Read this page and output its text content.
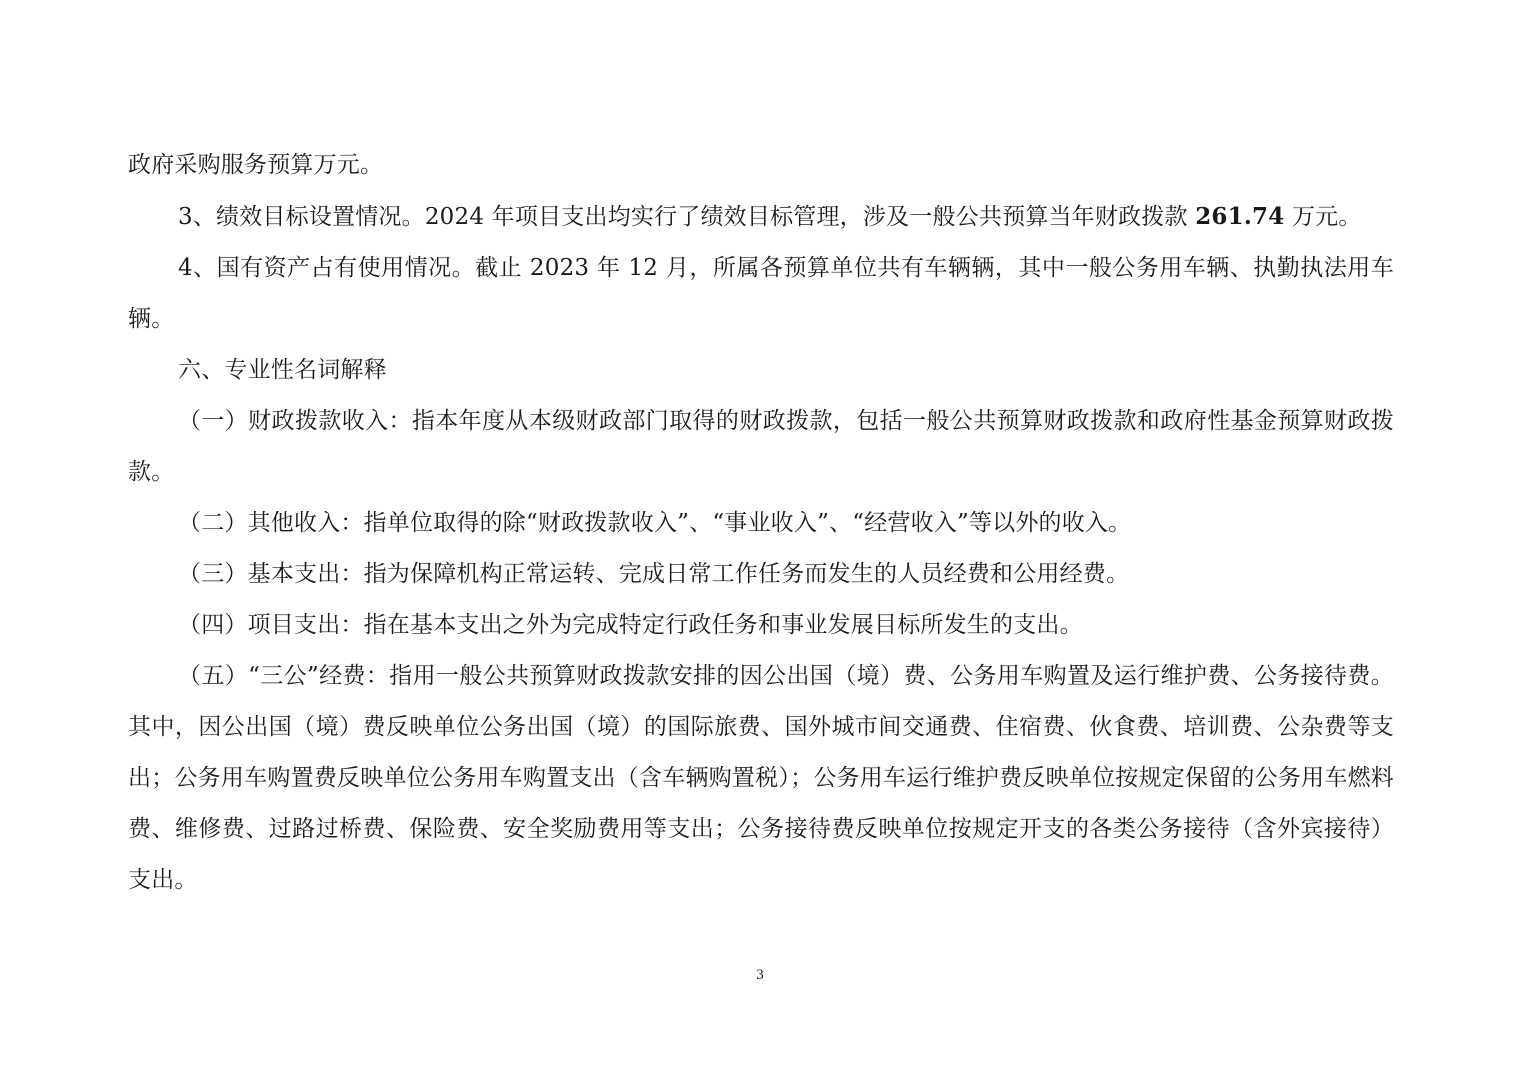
政府采购服务预算万元。

3、绩效目标设置情况。2024 年项目支出均实行了绩效目标管理，涉及一般公共预算当年财政拨款 261.74 万元。

4、国有资产占有使用情况。截止 2023 年 12 月，所属各预算单位共有车辆辆，其中一般公务用车辆、执勤执法用车辆。

六、专业性名词解释

（一）财政拨款收入：指本年度从本级财政部门取得的财政拨款，包括一般公共预算财政拨款和政府性基金预算财政拨款。

（二）其他收入：指单位取得的除“财政拨款收入”、“事业收入”、“经营收入”等以外的收入。

（三）基本支出：指为保障机构正常运转、完成日常工作任务而发生的人员经费和公用经费。

（四）项目支出：指在基本支出之外为完成特定行政任务和事业发展目标所发生的支出。

（五）“三公”经费：指用一般公共预算财政拨款安排的因公出国（境）费、公务用车购置及运行维护费、公务接待费。其中，因公出国（境）费反映单位公务出国（境）的国际旅费、国外城市间交通费、住宿费、伙食费、培训费、公杂费等支出；公务用车购置费反映单位公务用车购置支出（含车辆购置税）；公务用车运行维护费反映单位按规定保留的公务用车燃料费、维修费、过路过桥费、保险费、安全奖励费用等支出；公务接待费反映单位按规定开支的各类公务接待（含外宾接待）支出。

3
